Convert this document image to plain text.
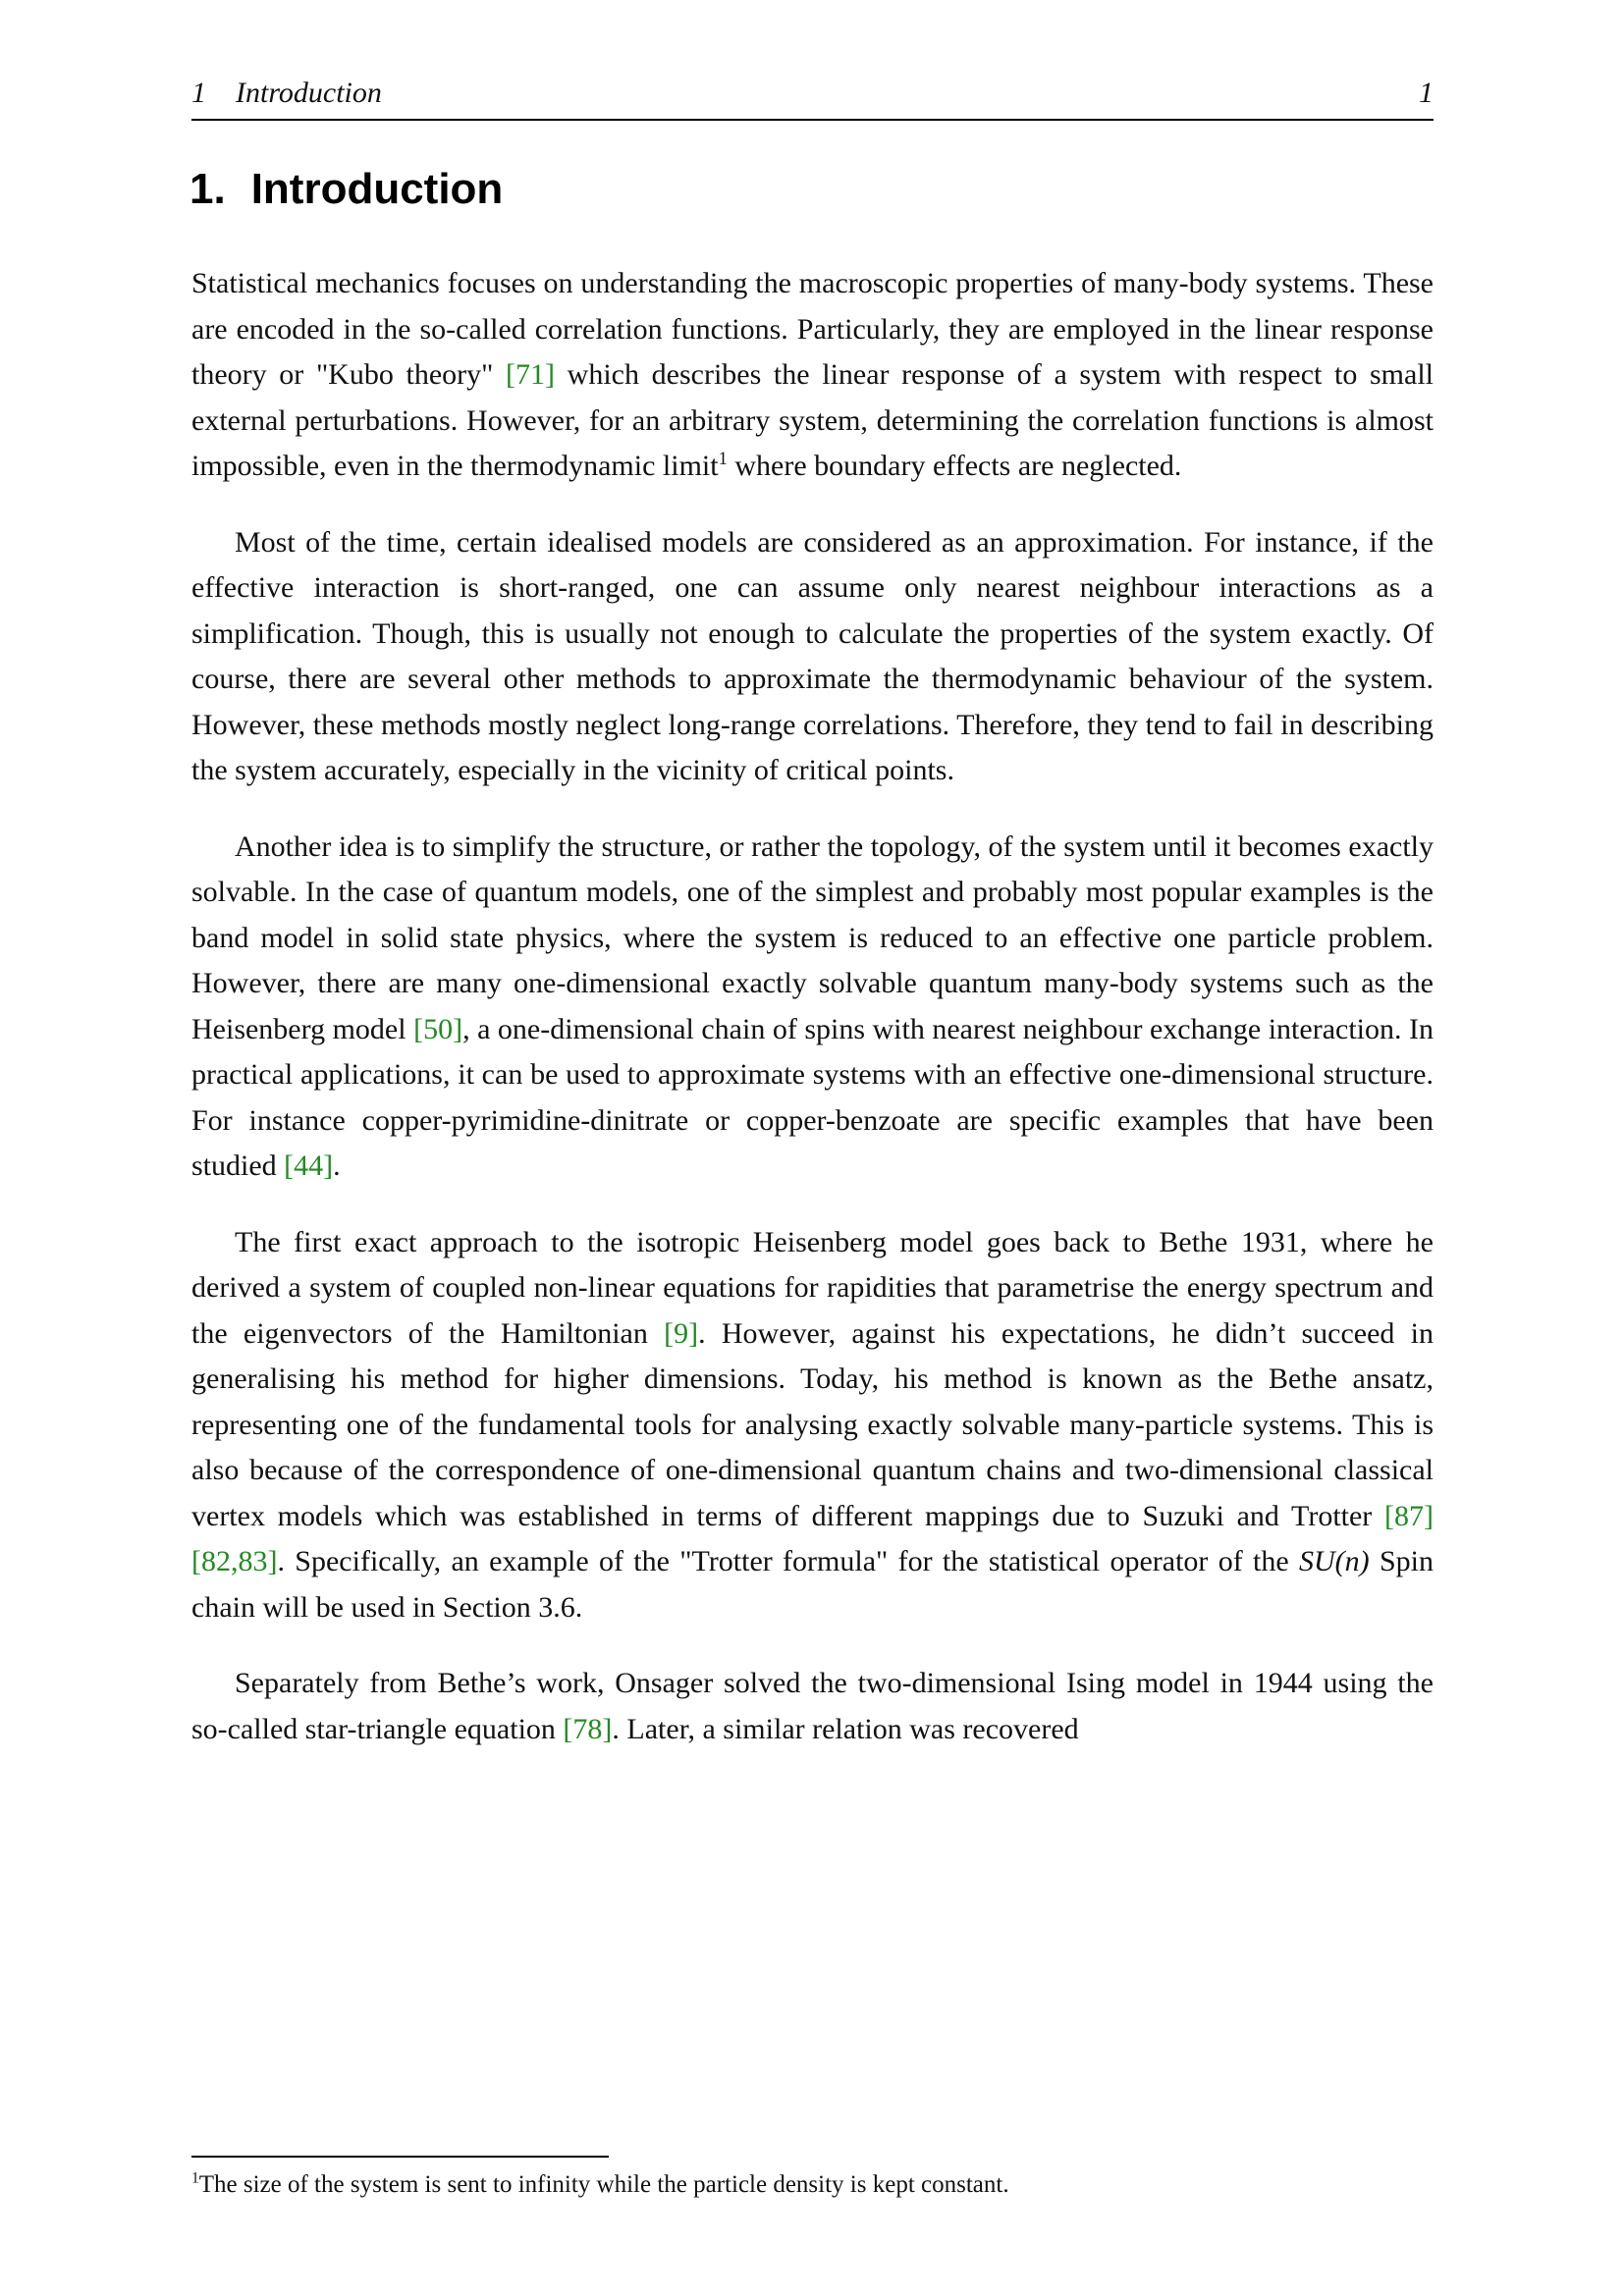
1 Introduction	1
1. Introduction

Statistical mechanics focuses on understanding the macroscopic properties of many-body systems. These are encoded in the so-called correlation functions. Particularly, they are employed in the linear response theory or "Kubo theory" [71] which describes the linear response of a system with respect to small external perturbations. However, for an arbitrary system, determining the correlation functions is almost impossible, even in the thermodynamic limit$^1$ where boundary effects are neglected.

Most of the time, certain idealised models are considered as an approximation. For instance, if the effective interaction is short-ranged, one can assume only nearest neighbour interactions as a simplification. Though, this is usually not enough to calculate the properties of the system exactly. Of course, there are several other methods to approximate the thermodynamic behaviour of the system. However, these methods mostly neglect long-range correlations. Therefore, they tend to fail in describing the system accurately, especially in the vicinity of critical points.

Another idea is to simplify the structure, or rather the topology, of the system until it becomes exactly solvable. In the case of quantum models, one of the simplest and probably most popular examples is the band model in solid state physics, where the system is reduced to an effective one particle problem. However, there are many one-dimensional exactly solvable quantum many-body systems such as the Heisenberg model [50], a one-dimensional chain of spins with nearest neighbour exchange interaction. In practical applications, it can be used to approximate systems with an effective one-dimensional structure. For instance copper-pyrimidine-dinitrate or copper-benzoate are specific examples that have been studied [44].

The first exact approach to the isotropic Heisenberg model goes back to Bethe 1931, where he derived a system of coupled non-linear equations for rapidities that parametrise the energy spectrum and the eigenvectors of the Hamiltonian [9]. However, against his expectations, he didn’t succeed in generalising his method for higher dimensions. Today, his method is known as the Bethe ansatz, representing one of the fundamental tools for analysing exactly solvable many-particle systems. This is also because of the correspondence of one-dimensional quantum chains and two-dimensional classical vertex models which was established in terms of different mappings due to Suzuki and Trotter [87] [82,83]. Specifically, an example of the "Trotter formula" for the statistical operator of the SU(n) Spin chain will be used in Section 3.6.

Separately from Bethe’s work, Onsager solved the two-dimensional Ising model in 1944 using the so-called star-triangle equation [78]. Later, a similar relation was recovered

$^1$The size of the system is sent to infinity while the particle density is kept constant.
